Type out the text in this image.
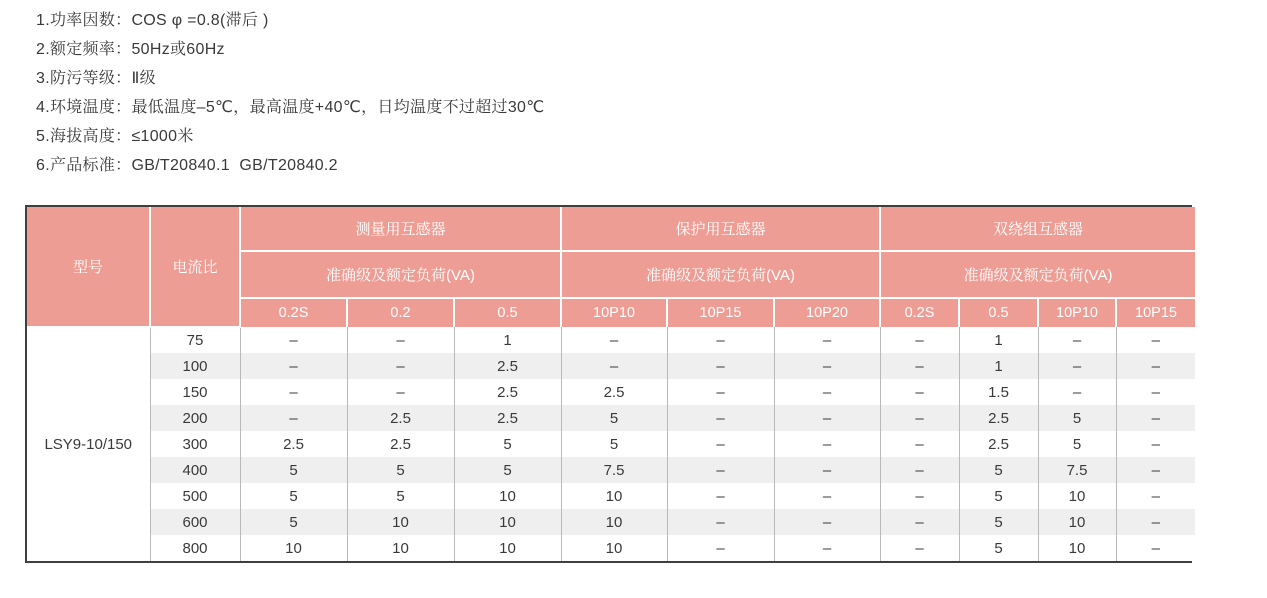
1.功率因数：COS φ =0.8(滞后 )
2.额定频率：50Hz或60Hz
3.防污等级：Ⅱ级
4.环境温度：最低温度–5℃，最高温度+40℃，日均温度不过超过30℃
5.海拔高度：≤1000米
6.产品标准：GB/T20840.1  GB/T20840.2
型号	电流比	测量用互感器			保护用互感器			双绕组互感器			
		准确级及额定负荷(VA)			准确级及额定负荷(VA)			准确级及额定负荷(VA)			
		0.2S	0.2	0.5	10P10	10P15	10P20	0.2S	0.5	10P10	10P15
LSY9-10/150	75	–	–	1	–	–	–	–	1	–	–
	100	–	–	2.5	–	–	–	–	1	–	–
	150	–	–	2.5	2.5	–	–	–	1.5	–	–
	200	–	2.5	2.5	5	–	–	–	2.5	5	–
	300	2.5	2.5	5	5	–	–	–	2.5	5	–
	400	5	5	5	7.5	–	–	–	5	7.5	–
	500	5	5	10	10	–	–	–	5	10	–
	600	5	10	10	10	–	–	–	5	10	–
	800	10	10	10	10	–	–	–	5	10	–
